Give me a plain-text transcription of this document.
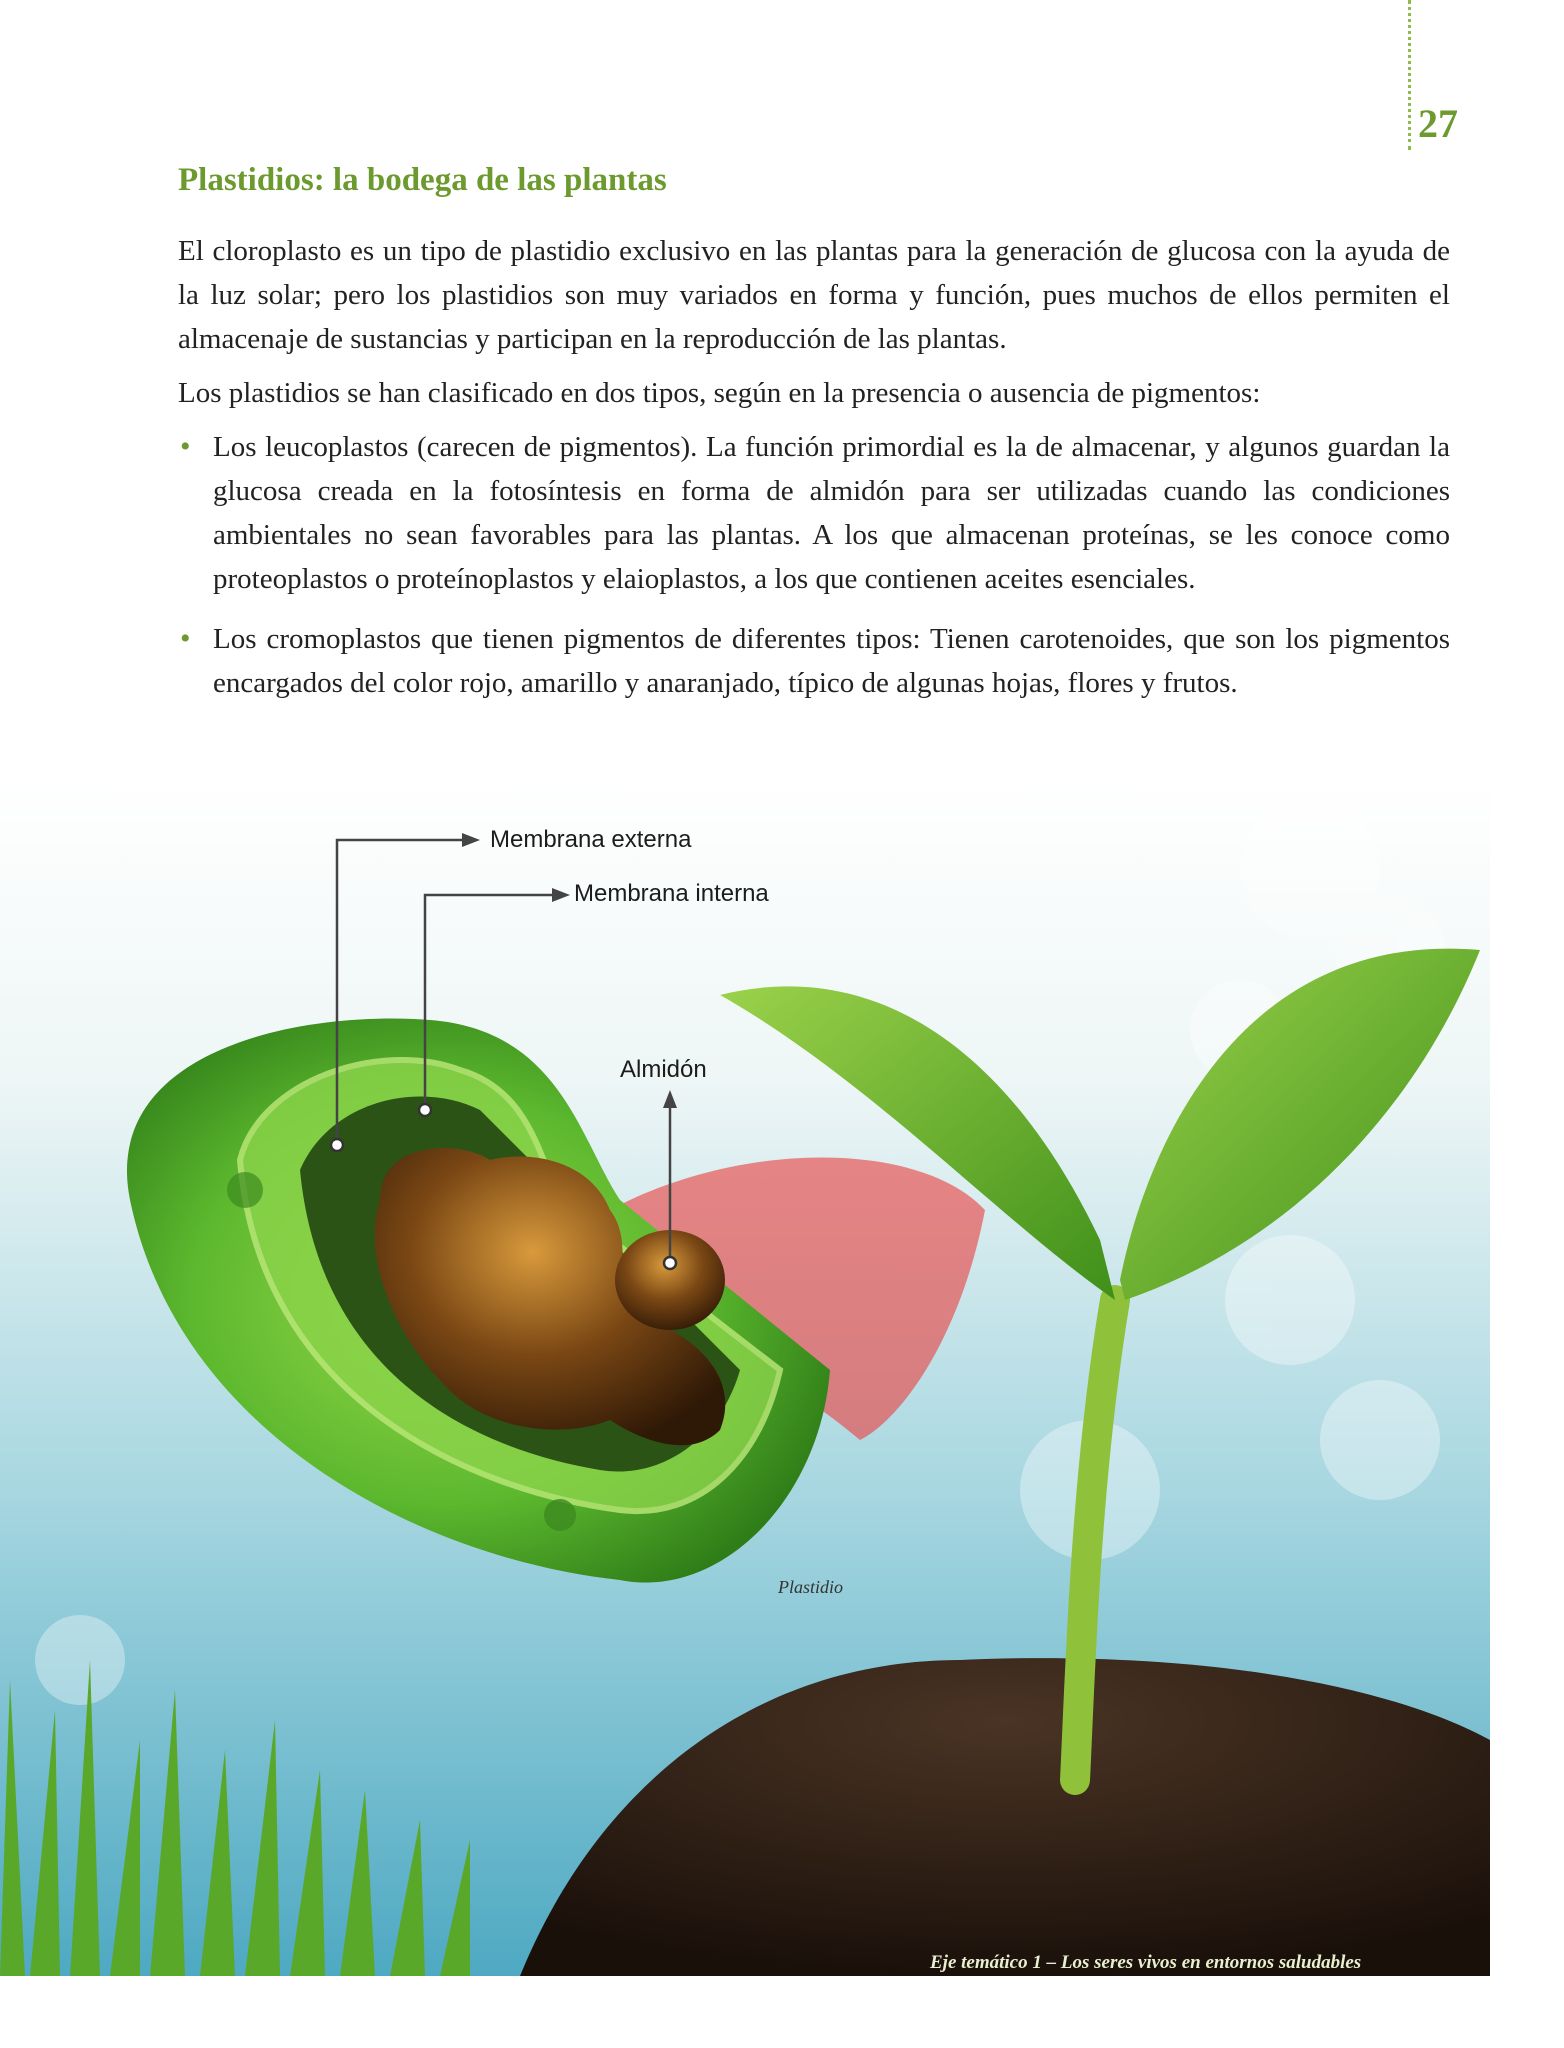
27
Membrana externa
Membrana interna
Almidón
Plastidios: la bodega de las plantas

El cloroplasto es un tipo de plastidio exclusivo en las plantas para la generación de glucosa con la ayuda de la luz solar; pero los plastidios son muy variados en forma y función, pues muchos de ellos permiten el almacenaje de sustancias y participan en la reproducción de las plantas.

Los plastidios se han clasificado en dos tipos, según en la presencia o ausencia de pigmentos:

• Los leucoplastos (carecen de pigmentos). La función primordial es la de almacenar, y algunos guardan la glucosa creada en la fotosíntesis en forma de almidón para ser utilizadas cuando las condiciones ambientales no sean favorables para las plantas. A los que almacenan proteínas, se les conoce como proteoplastos o proteínoplastos y elaioplastos, a los que contienen aceites esenciales.
• Los cromoplastos que tienen pigmentos de diferentes tipos: Tienen carotenoides, que son los pigmentos encargados del color rojo, amarillo y anaranjado, típico de algunas hojas, flores y frutos.
Plastidio
Eje temático 1 – Los seres vivos en entornos saludables
